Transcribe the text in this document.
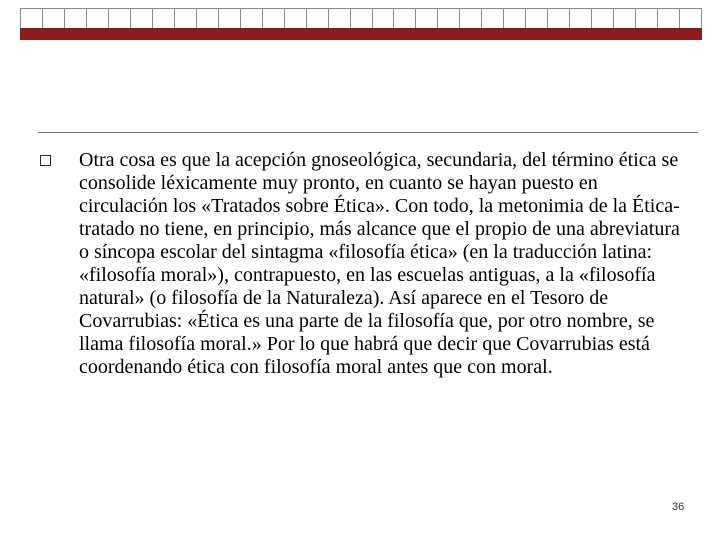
Otra cosa es que la acepción gnoseológica, secundaria, del término ética se consolide léxicamente muy pronto, en cuanto se hayan puesto en circulación los «Tratados sobre Ética». Con todo, la metonimia de la Ética-tratado no tiene, en principio, más alcance que el propio de una abreviatura o síncopa escolar del sintagma «filosofía ética» (en la traducción latina: «filosofía moral»), contrapuesto, en las escuelas antiguas, a la «filosofía natural» (o filosofía de la Naturaleza). Así aparece en el Tesoro de Covarrubias: «Ética es una parte de la filosofía que, por otro nombre, se llama filosofía moral.» Por lo que habrá que decir que Covarrubias está coordenando ética con filosofía moral antes que con moral.

36
